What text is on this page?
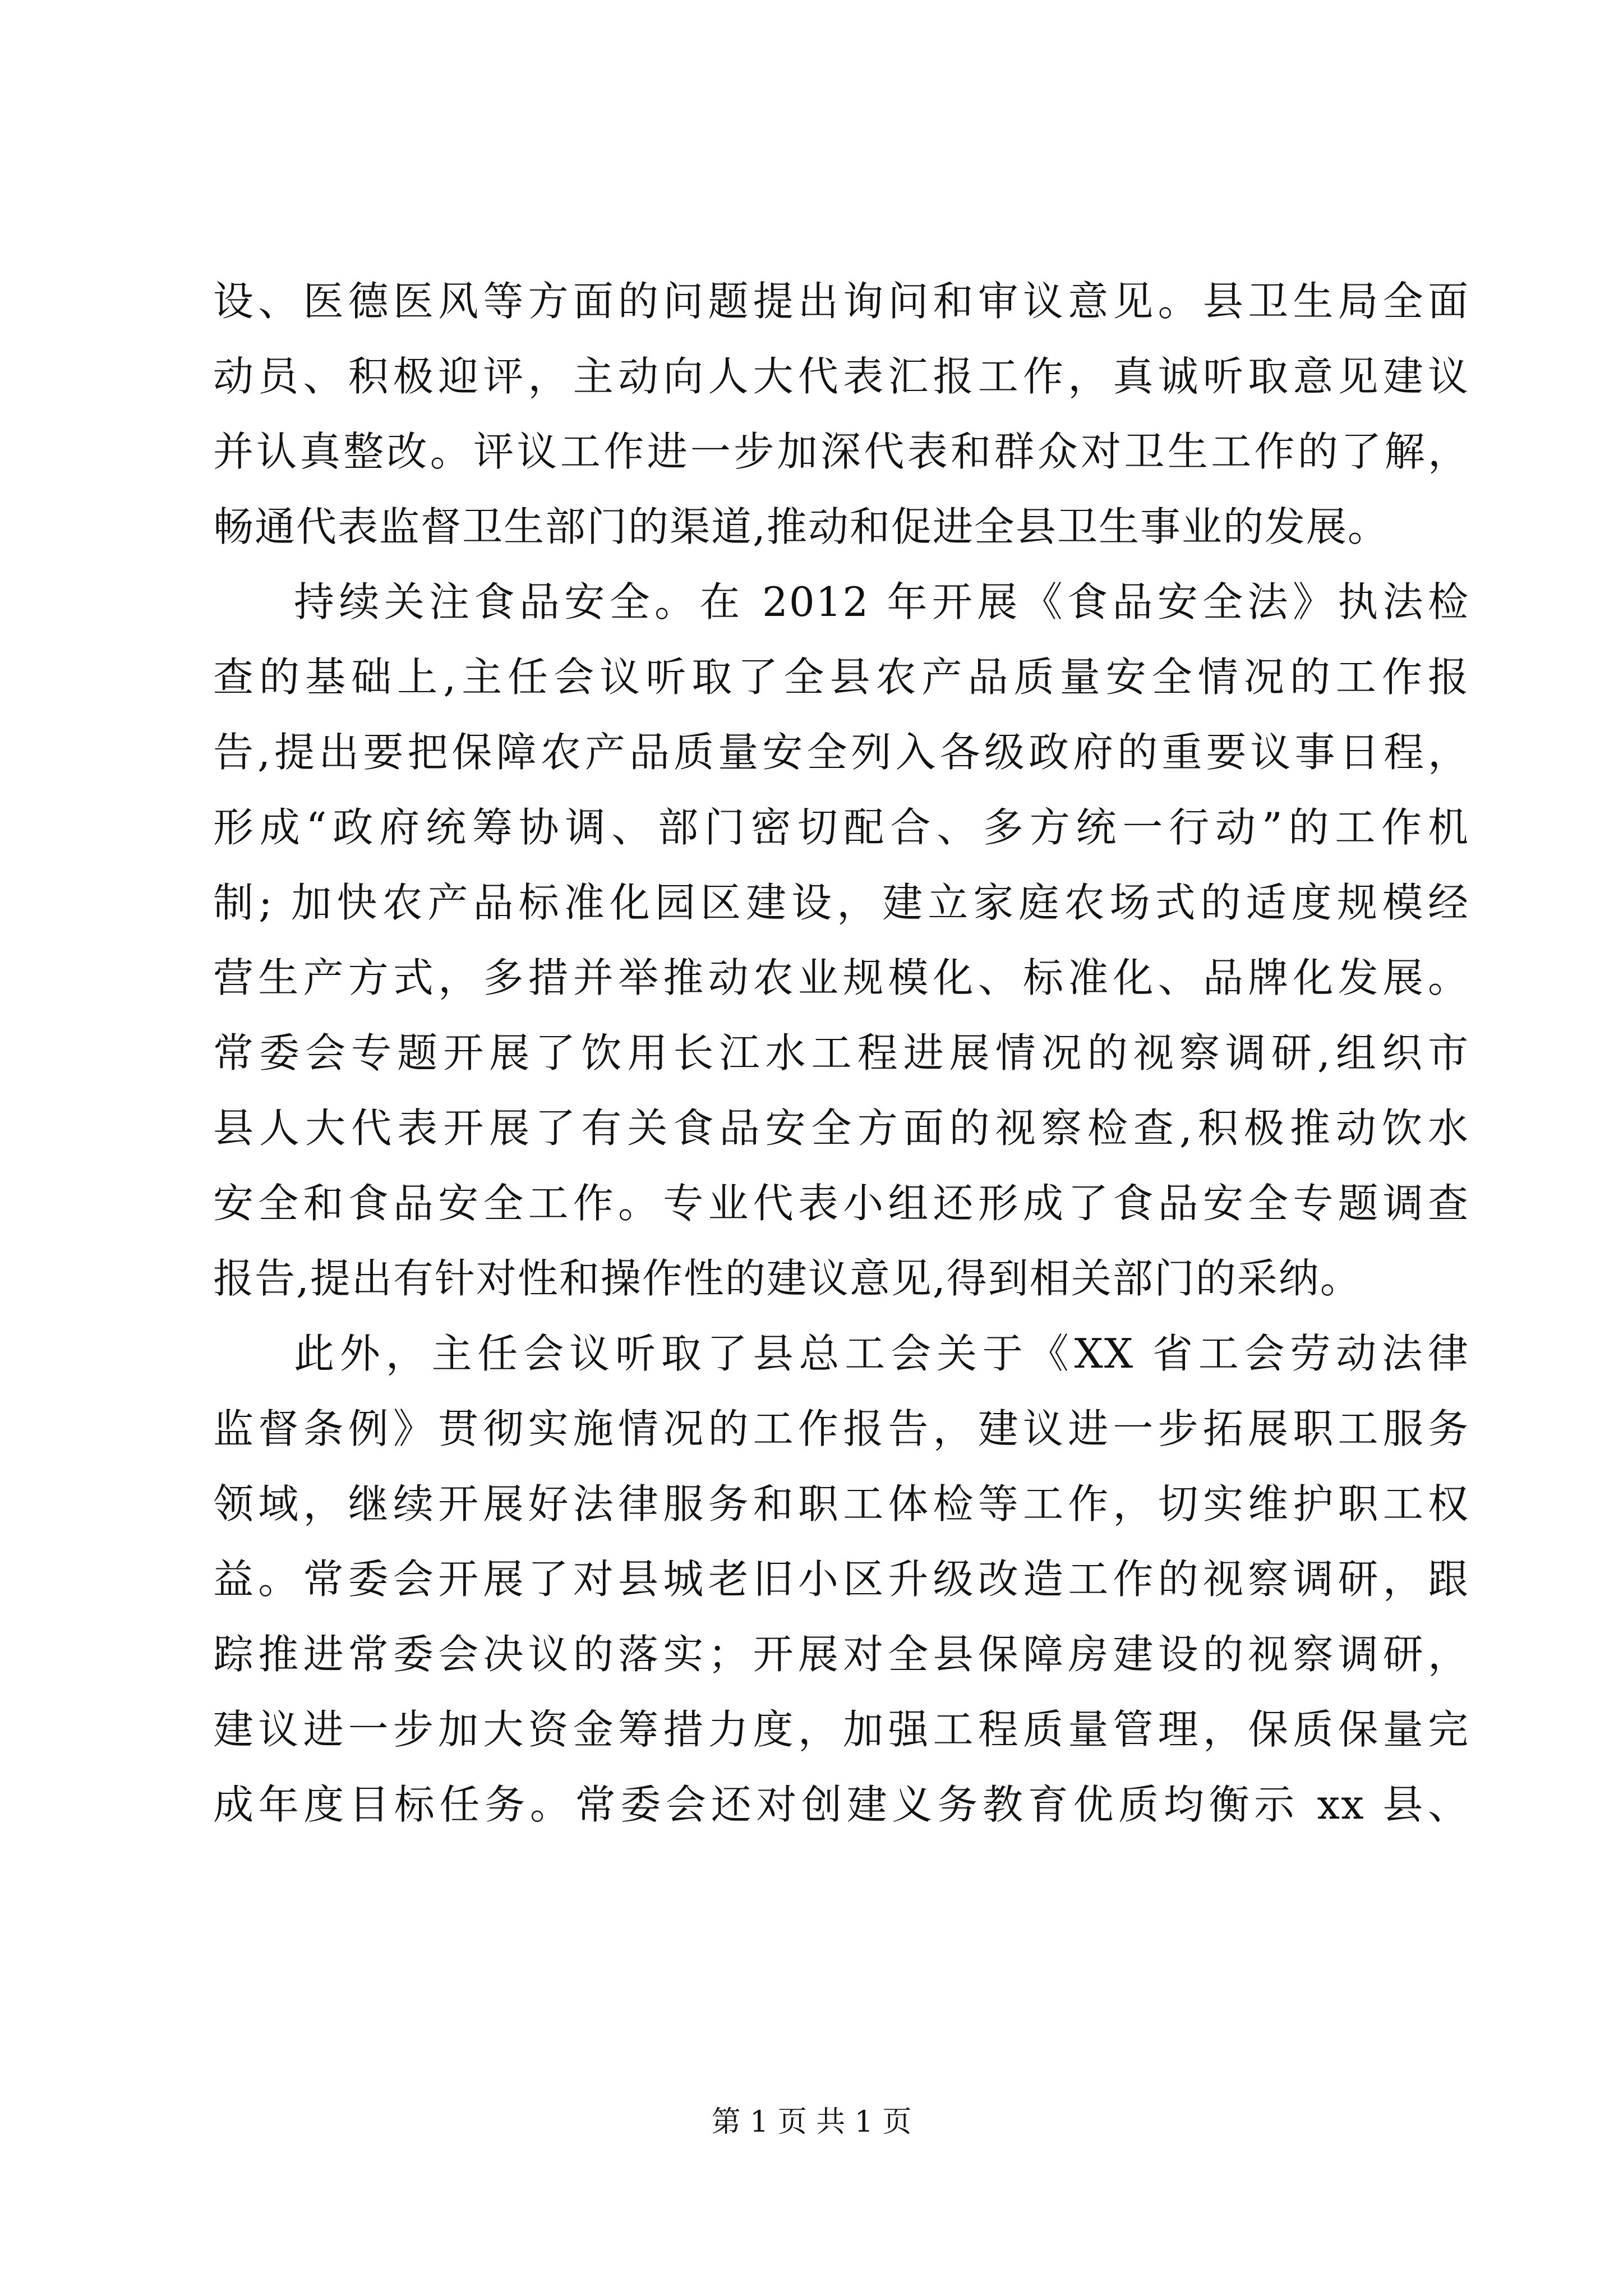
设、医德医风等方面的问题提出询问和审议意见。县卫生局全面
动员、积极迎评，主动向人大代表汇报工作，真诚听取意见建议
并认真整改。评议工作进一步加深代表和群众对卫生工作的了解，
畅通代表监督卫生部门的渠道,推动和促进全县卫生事业的发展。
持续关注食品安全。在 2012 年开展《食品安全法》执法检
查的基础上,主任会议听取了全县农产品质量安全情况的工作报
告,提出要把保障农产品质量安全列入各级政府的重要议事日程，
形成“政府统筹协调、部门密切配合、多方统一行动”的工作机
制; 加快农产品标准化园区建设，建立家庭农场式的适度规模经
营生产方式，多措并举推动农业规模化、标准化、品牌化发展。
常委会专题开展了饮用长江水工程进展情况的视察调研,组织市
县人大代表开展了有关食品安全方面的视察检查,积极推动饮水
安全和食品安全工作。专业代表小组还形成了食品安全专题调查
报告,提出有针对性和操作性的建议意见,得到相关部门的采纳。
此外，主任会议听取了县总工会关于《XX 省工会劳动法律
监督条例》贯彻实施情况的工作报告，建议进一步拓展职工服务
领域，继续开展好法律服务和职工体检等工作，切实维护职工权
益。常委会开展了对县城老旧小区升级改造工作的视察调研，跟
踪推进常委会决议的落实；开展对全县保障房建设的视察调研，
建议进一步加大资金筹措力度，加强工程质量管理，保质保量完
成年度目标任务。常委会还对创建义务教育优质均衡示 xx 县、
第 1 页 共 1 页
